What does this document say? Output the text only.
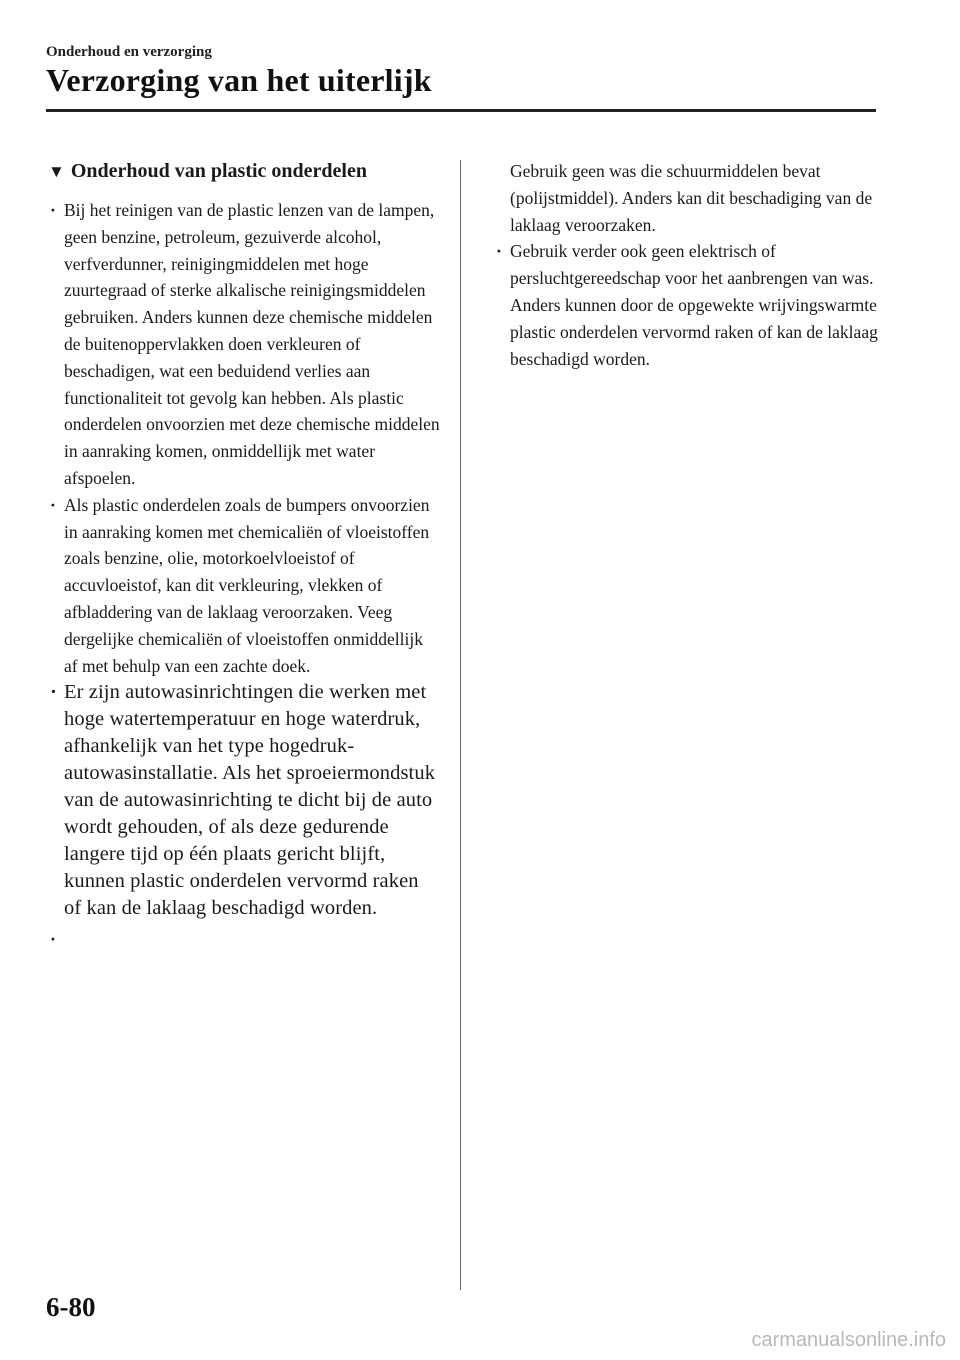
Onderhoud en verzorging
Verzorging van het uiterlijk
▼ Onderhoud van plastic onderdelen
· Bij het reinigen van de plastic lenzen van de lampen, geen benzine, petroleum, gezuiverde alcohol, verfverdunner, reinigingmiddelen met hoge zuurtegraad of sterke alkalische reinigingsmiddelen gebruiken. Anders kunnen deze chemische middelen de buitenoppervlakken doen verkleuren of beschadigen, wat een beduidend verlies aan functionaliteit tot gevolg kan hebben. Als plastic onderdelen onvoorzien met deze chemische middelen in aanraking komen, onmiddellijk met water afspoelen.
· Als plastic onderdelen zoals de bumpers onvoorzien in aanraking komen met chemicaliën of vloeistoffen zoals benzine, olie, motorkoelvloeistof of accuvloeistof, kan dit verkleuring, vlekken of afbladdering van de laklaag veroorzaken. Veeg dergelijke chemicaliën of vloeistoffen onmiddellijk af met behulp van een zachte doek.
· Er zijn autowasinrichtingen die werken met hoge watertemperatuur en hoge waterdruk, afhankelijk van het type hogedruk-autowasinstallatie. Als het sproeiermondstuk van de autowasinrichting te dicht bij de auto wordt gehouden, of als deze gedurende langere tijd op één plaats gericht blijft, kunnen plastic onderdelen vervormd raken of kan de laklaag beschadigd worden.
·

Gebruik geen was die schuurmiddelen bevat (polijstmiddel). Anders kan dit beschadiging van de laklaag veroorzaken.
· Gebruik verder ook geen elektrisch of persluchtgereedschap voor het aanbrengen van was. Anders kunnen door de opgewekte wrijvingswarmte plastic onderdelen vervormd raken of kan de laklaag beschadigd worden.
6-80
carmanualsonline.info
